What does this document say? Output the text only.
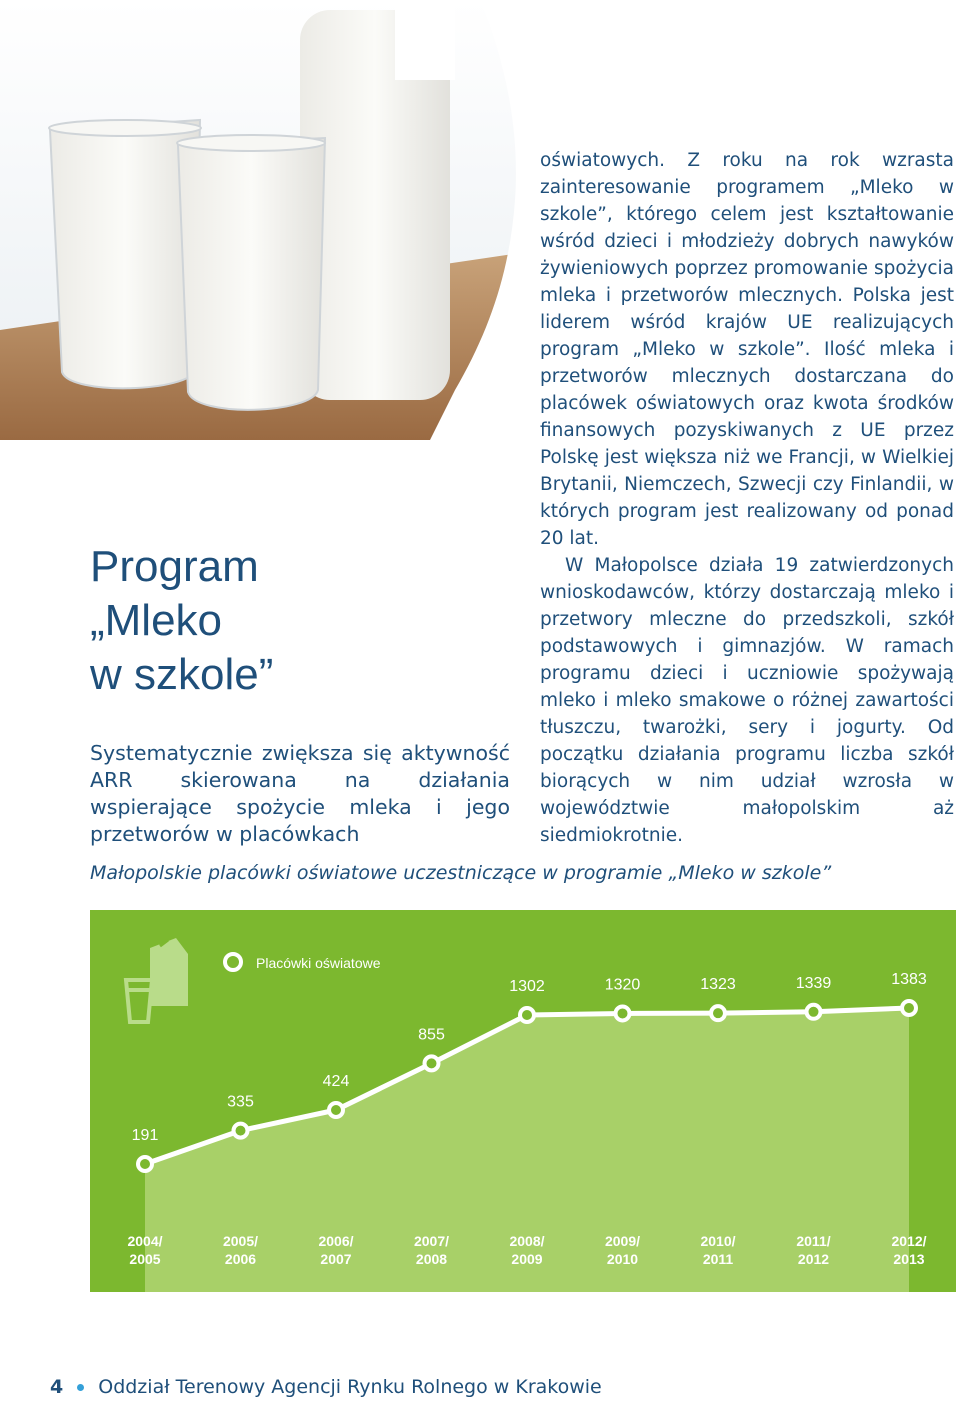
Program
„Mleko
w szkole”
Systematycznie zwiększa się aktywność ARR skierowana na działania wspierające spożycie mleka i jego przetworów w placówkach

oświatowych. Z roku na rok wzrasta zainteresowanie programem „Mleko w szkole”, którego celem jest kształtowanie wśród dzieci i młodzieży dobrych nawyków żywieniowych poprzez promowanie spożycia mleka i przetworów mlecznych. Polska jest liderem wśród krajów UE realizujących program „Mleko w szkole”. Ilość mleka i przetworów mlecznych dostarczana do placówek oświatowych oraz kwota środków finansowych pozyskiwanych z UE przez Polskę jest większa niż we Francji, w Wielkiej Brytanii, Niemczech, Szwecji czy Finlandii, w których program jest realizowany od ponad 20 lat.

W Małopolsce działa 19 zatwierdzonych wnioskodawców, którzy dostarczają mleko i przetwory mleczne do przedszkoli, szkół podstawowych i gimnazjów. W ramach programu dzieci i uczniowie spożywają mleko i mleko smakowe o różnej zawartości tłuszczu, twarożki, sery i jogurty. Od początku działania programu liczba szkół biorących w nim udział wzrosła w województwie małopolskim aż siedmiokrotnie.

Małopolskie placówki oświatowe uczestniczące w programie „Mleko w szkole”
Placówki oświatowe
191
2004/ 2005
335
2005/ 2006
424
2006/ 2007
855
2007/ 2008
1302
2008/ 2009
1320
2009/ 2010
1323
2010/ 2011
1339
2011/ 2012
1383
2012/ 2013
4 Oddział Terenowy Agencji Rynku Rolnego w Krakowie
